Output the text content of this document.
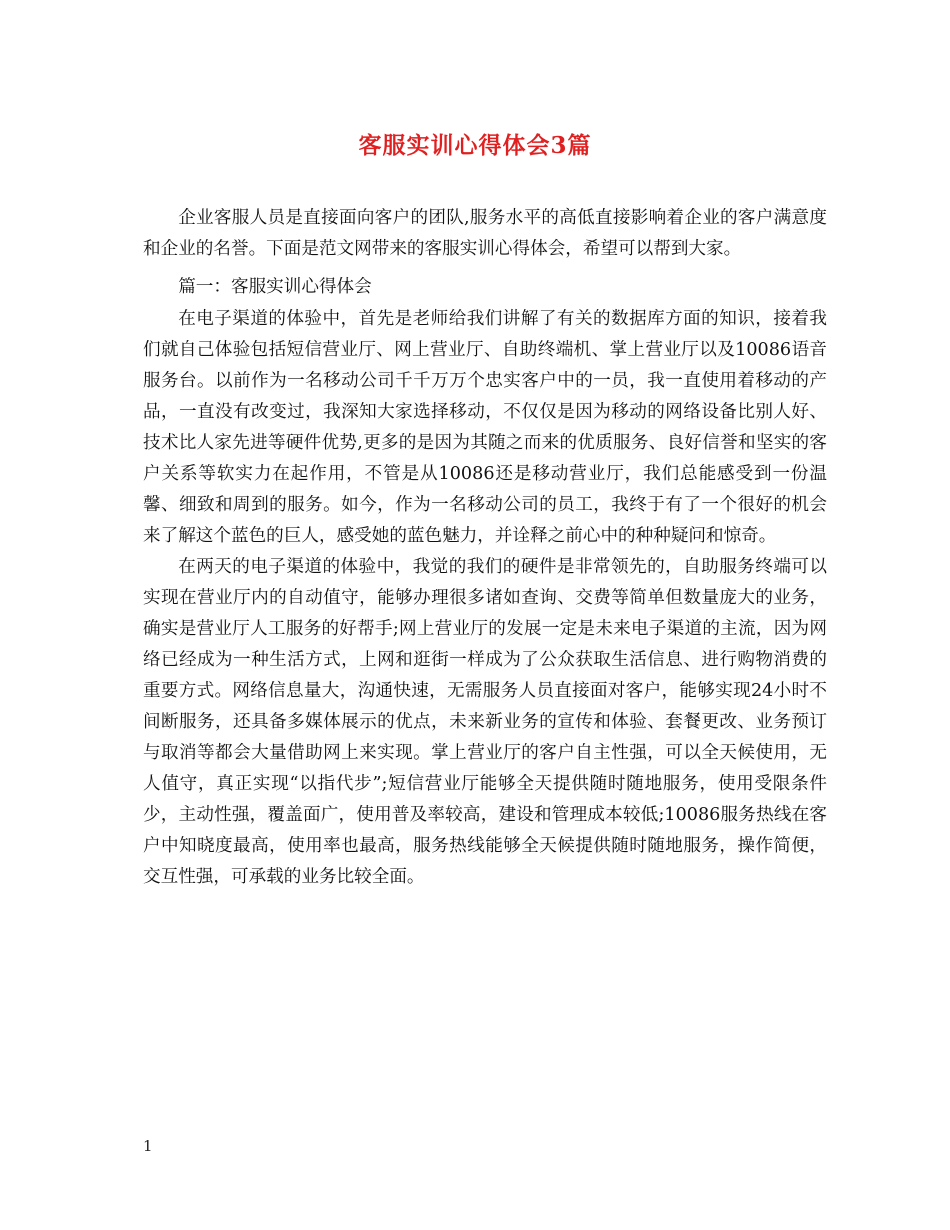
客服实训心得体会3篇

企业客服人员是直接面向客户的团队,服务水平的高低直接影响着企业的客户满意度和企业的名誉。下面是范文网带来的客服实训心得体会，希望可以帮到大家。

篇一：客服实训心得体会

在电子渠道的体验中，首先是老师给我们讲解了有关的数据库方面的知识，接着我们就自己体验包括短信营业厅、网上营业厅、自助终端机、掌上营业厅以及10086语音服务台。以前作为一名移动公司千千万万个忠实客户中的一员，我一直使用着移动的产品，一直没有改变过，我深知大家选择移动，不仅仅是因为移动的网络设备比别人好、技术比人家先进等硬件优势,更多的是因为其随之而来的优质服务、良好信誉和坚实的客户关系等软实力在起作用，不管是从10086还是移动营业厅，我们总能感受到一份温馨、细致和周到的服务。如今，作为一名移动公司的员工，我终于有了一个很好的机会来了解这个蓝色的巨人，感受她的蓝色魅力，并诠释之前心中的种种疑问和惊奇。

在两天的电子渠道的体验中，我觉的我们的硬件是非常领先的，自助服务终端可以实现在营业厅内的自动值守，能够办理很多诸如查询、交费等简单但数量庞大的业务，确实是营业厅人工服务的好帮手;网上营业厅的发展一定是未来电子渠道的主流，因为网络已经成为一种生活方式，上网和逛街一样成为了公众获取生活信息、进行购物消费的重要方式。网络信息量大，沟通快速，无需服务人员直接面对客户，能够实现24小时不间断服务，还具备多媒体展示的优点，未来新业务的宣传和体验、套餐更改、业务预订与取消等都会大量借助网上来实现。掌上营业厅的客户自主性强，可以全天候使用，无人值守，真正实现“以指代步”;短信营业厅能够全天提供随时随地服务，使用受限条件少，主动性强，覆盖面广，使用普及率较高，建设和管理成本较低;10086服务热线在客户中知晓度最高，使用率也最高，服务热线能够全天候提供随时随地服务，操作简便，交互性强，可承载的业务比较全面。

1
